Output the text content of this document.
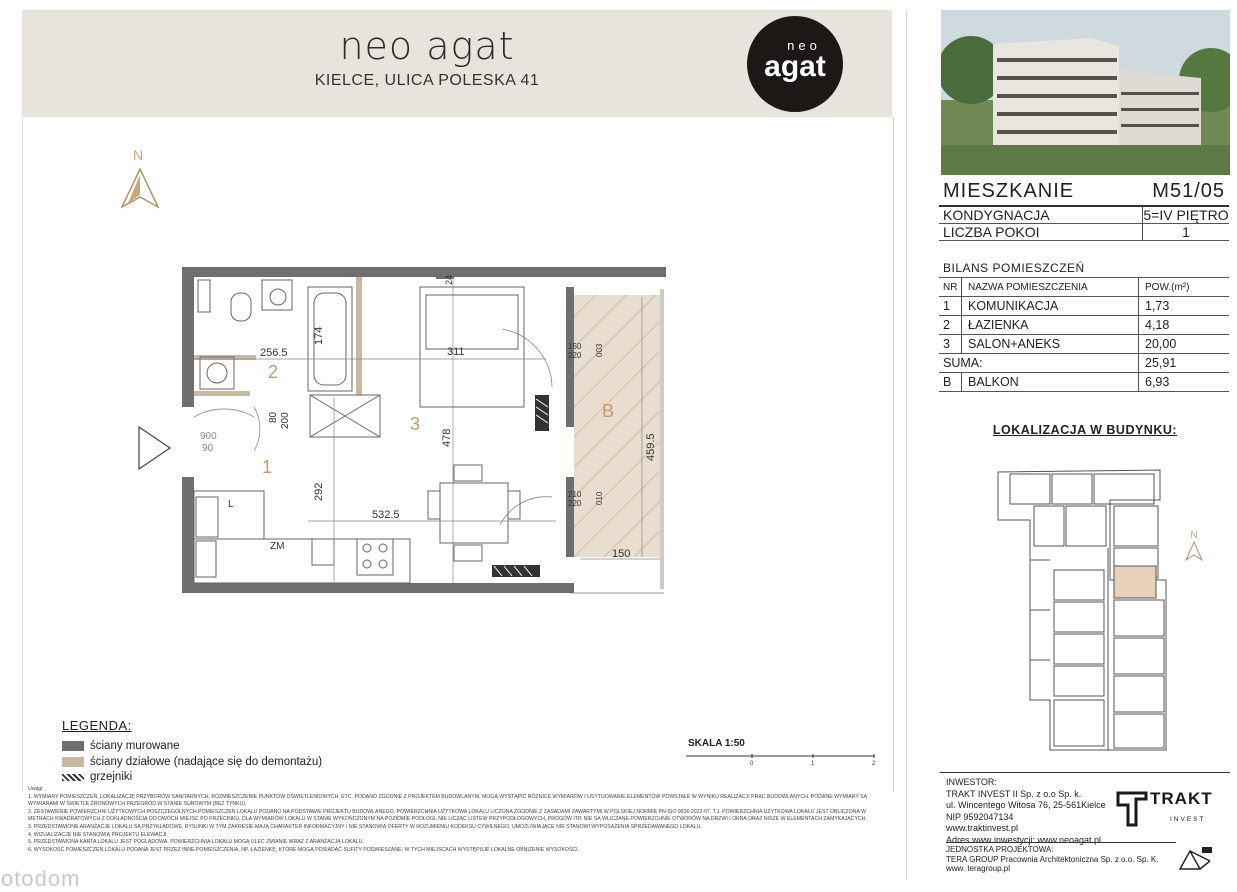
neo agat
KIELCE, ULICA POLESKA 41
neo
agat
N
256.5
174
311
24
80 200
900
90
478
292
532.5
459.5
150
150
220 003
210
220 010
2
3
1
B
L
ZM
MIESZKANIE	M51/05
KONDYGNACJA	5=IV PIĘTRO
LICZBA POKOI	1
BILANS POMIESZCZEŃ
NR	NAZWA POMIESZCZENIA	POW.(m²)
1	KOMUNIKACJA	1,73
2	ŁAZIENKA	4,18
3	SALON+ANEKS	20,00
SUMA:	25,91
B	BALKON	6,93
LOKALIZACJA W BUDYNKU:
N
LEGENDA:
ściany murowane
ściany działowe (nadające się do demontażu)
grzejniki
SKALA 1:50
0	1	2
Uwagi:
1. WYMIARY POMIESZCZEŃ, LOKALIZACJĘ PRZYBORÓW SANITARNYCH, ROZMIESZCZENIE PUNKTÓW OŚWIETLENIOWYCH, ETC. PODANO ZGODNIE Z PROJEKTEM BUDOWLANYM. MOGĄ WYSTĄPIĆ RÓŻNICE WYMIARÓW I USYTUOWANIE ELEMENTÓW POWSTAŁE W WYNIKU REALIZACJI PRAC BUDOWLANYCH. PODANE WYMIARY SĄ WYMIARAMI W ŚWIETLE ŻRONOWYCH PRZEGRÓD W STANIE SUROWYM (BEZ TYNKU).
2. ZESTAWIENIE POWIERZCHNI UŻYTKOWYCH POSZCZEGÓLNYCH POMIESZCZEŃ LOKALU PODANO NA PODSTAWIE PROJEKTU BUDOWLANEGO. POWIERZCHNIA UŻYTKOWA LOKALU LICZONA ZGODNIE Z ZASADAMI ZAWARTYMI W POLSKIEJ NORMIE PN-ISO 9836:2022-07, T.J. POWIERZCHNIA UŻYTKOWA LOKALU JEST OBLICZONA W METRACH KWADRATOWYCH Z DOKŁADNOŚCIĄ DO DWÓCH MIEJSC PO PRZECINKU, DLA WYMIARÓW LOKALU W STANIE WYKOŃCZONYM NA POZIOMIE PODŁOGI, NIE LICZĄC LISTEW PRZYPODŁOGOWYCH, PROGÓW ITP. NIE SĄ WLICZANE POWIERZCHNIE OTWORÓW NA DRZWI I OKNA ORAZ NISZE W ELEMENTACH ZAMYKAJĄCYCH.
3. PRZEDSTAWIONE ARANŻACJE LOKALU SĄ PRZYKŁADOWE, RYSUNKI W TYM ZAKRESIE MAJĄ CHARAKTER INFORMACYJNY I NIE STANOWIĄ OFERTY W ROZUMIENIU KODEKSU CYWILNEGO, UMOŻLIWIAJĄCE NIE STANOWI WYPOSAŻENIA SPRZEDAWANEGO LOKALU.
4. WIZUALIZACJE NIE STANOWIĄ PROJEKTU ELEWACJI.
5. PRZEDSTAWIONA KARTA LOKALU JEST POGLĄDOWA. POWIERZCHNIA LOKALU MOGĄ ULEC ZMIANIE WRAZ Z ARANŻACJĄ LOKALU.
6. WYSOKOŚĆ POMIESZCZEŃ LOKALU PODANA JEST PRZEZ INNE POMIESZCZENIA, NP. ŁAZIENKĘ, KTÓRE MOGĄ POSIADAĆ SUFITY PODWIESZANE, W TYCH MIEJSCACH WYSTĘPUJE LOKALNE OBNIŻENIE WYSOKOŚCI.
INWESTOR:
TRAKT INVEST II Sp. z o.o Sp. k.
ul. Wincentego Witosa 76, 25-561Kielce
NIP 9592047134
www.traktinvest.pl
Adres www inwestycji: www.neoagat.pl
TRAKT
INVEST
JEDNOSTKA PROJEKTOWA:
TERA GROUP Pracownia Architektoniczna Sp. z o.o. Sp. K.
www. teragroup.pl
otodom
